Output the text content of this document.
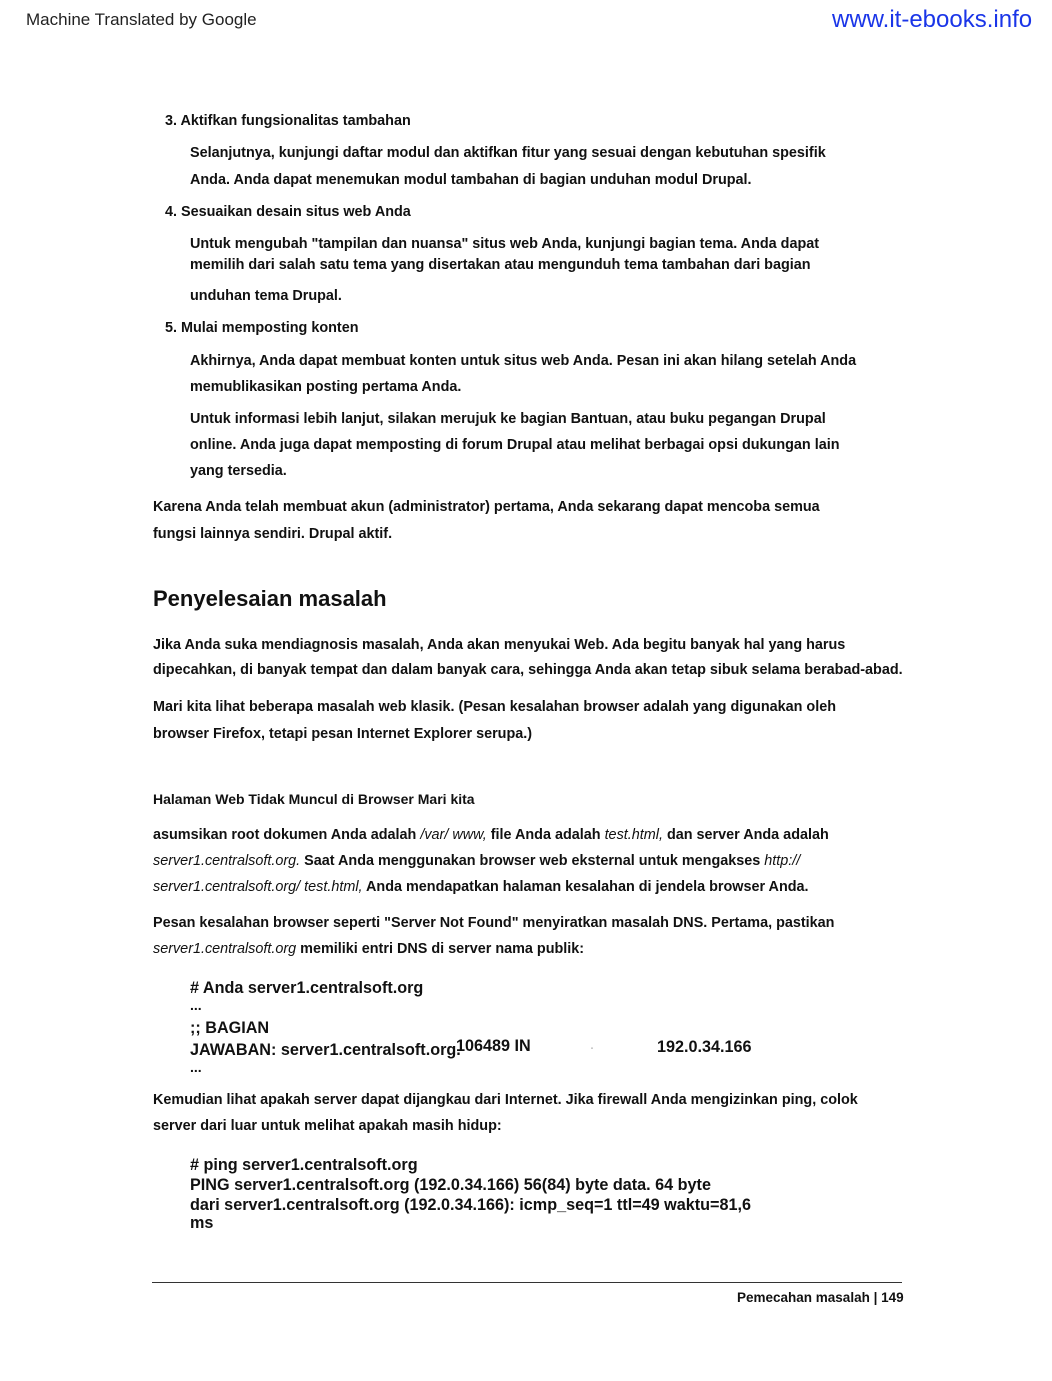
Machine Translated by Google	www.it-ebooks.info
3. Aktifkan fungsionalitas tambahan
Selanjutnya, kunjungi daftar modul dan aktifkan fitur yang sesuai dengan kebutuhan spesifik
Anda. Anda dapat menemukan modul tambahan di bagian unduhan modul Drupal.
4. Sesuaikan desain situs web Anda
Untuk mengubah "tampilan dan nuansa" situs web Anda, kunjungi bagian tema. Anda dapat
memilih dari salah satu tema yang disertakan atau mengunduh tema tambahan dari bagian
unduhan tema Drupal.
5. Mulai memposting konten
Akhirnya, Anda dapat membuat konten untuk situs web Anda. Pesan ini akan hilang setelah Anda
memublikasikan posting pertama Anda.
Untuk informasi lebih lanjut, silakan merujuk ke bagian Bantuan, atau buku pegangan Drupal
online. Anda juga dapat memposting di forum Drupal atau melihat berbagai opsi dukungan lain
yang tersedia.
Karena Anda telah membuat akun (administrator) pertama, Anda sekarang dapat mencoba semua
fungsi lainnya sendiri. Drupal aktif.
Penyelesaian masalah
Jika Anda suka mendiagnosis masalah, Anda akan menyukai Web. Ada begitu banyak hal yang harus
dipecahkan, di banyak tempat dan dalam banyak cara, sehingga Anda akan tetap sibuk selama berabad-abad.
Mari kita lihat beberapa masalah web klasik. (Pesan kesalahan browser adalah yang digunakan oleh
browser Firefox, tetapi pesan Internet Explorer serupa.)
Halaman Web Tidak Muncul di Browser Mari kita
asumsikan root dokumen Anda adalah /var/ www, file Anda adalah test.html, dan server Anda adalah
server1.centralsoft.org. Saat Anda menggunakan browser web eksternal untuk mengakses http://
server1.centralsoft.org/ test.html, Anda mendapatkan halaman kesalahan di jendela browser Anda.
Pesan kesalahan browser seperti "Server Not Found" menyiratkan masalah DNS. Pertama, pastikan
server1.centralsoft.org memiliki entri DNS di server nama publik:
# Anda server1.centralsoft.org
...
;; BAGIAN
JAWABAN: server1.centralsoft.org.
106489 IN	A	192.0.34.166
...
Kemudian lihat apakah server dapat dijangkau dari Internet. Jika firewall Anda mengizinkan ping, colok
server dari luar untuk melihat apakah masih hidup:
# ping server1.centralsoft.org
PING server1.centralsoft.org (192.0.34.166) 56(84) byte data. 64 byte
dari server1.centralsoft.org (192.0.34.166): icmp_seq=1 ttl=49 waktu=81,6
ms
Pemecahan masalah | 149
